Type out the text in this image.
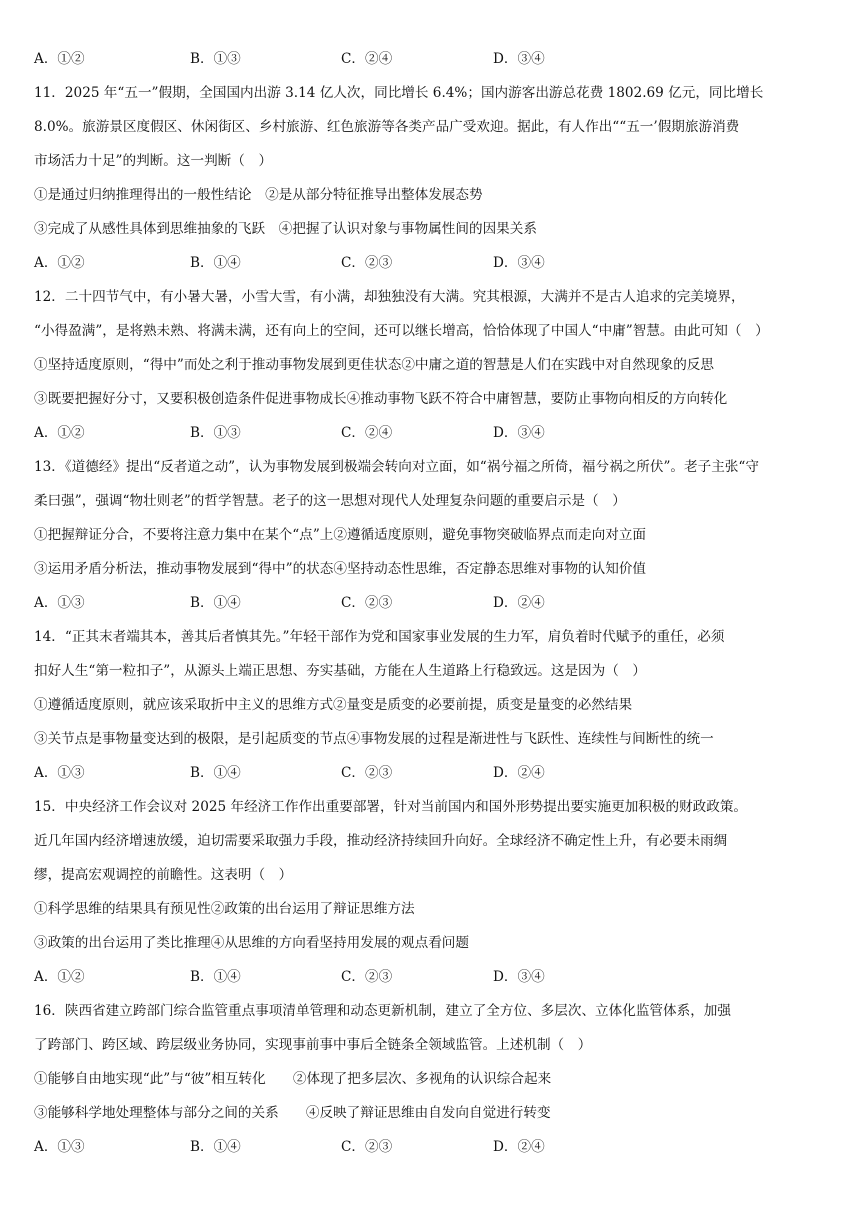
A．①②	B．①③	C．②④	D．③④
11．2025 年“五一”假期，全国国内出游 3.14 亿人次，同比增长 6.4%；国内游客出游总花费 1802.69 亿元，同比增长
8.0%。旅游景区度假区、休闲街区、乡村旅游、红色旅游等各类产品广受欢迎。据此，有人作出““五一’假期旅游消费
市场活力十足”的判断。这一判断（　）
①是通过归纳推理得出的一般性结论　②是从部分特征推导出整体发展态势
③完成了从感性具体到思维抽象的飞跃　④把握了认识对象与事物属性间的因果关系
A．①②	B．①④	C．②③	D．③④
12．二十四节气中，有小暑大暑，小雪大雪，有小满，却独独没有大满。究其根源，大满并不是古人追求的完美境界，
“小得盈满”，是将熟未熟、将满未满，还有向上的空间，还可以继长增高，恰恰体现了中国人“中庸”智慧。由此可知（　）
①坚持适度原则，“得中”而处之利于推动事物发展到更佳状态②中庸之道的智慧是人们在实践中对自然现象的反思
③既要把握好分寸，又要积极创造条件促进事物成长④推动事物飞跃不符合中庸智慧，要防止事物向相反的方向转化
A．①②	B．①③	C．②④	D．③④
13．《道德经》提出“反者道之动”，认为事物发展到极端会转向对立面，如“祸兮福之所倚，福兮祸之所伏”。老子主张“守
柔曰强”，强调“物壮则老”的哲学智慧。老子的这一思想对现代人处理复杂问题的重要启示是（　）
①把握辩证分合，不要将注意力集中在某个“点”上②遵循适度原则，避免事物突破临界点而走向对立面
③运用矛盾分析法，推动事物发展到“得中”的状态④坚持动态性思维，否定静态思维对事物的认知价值
A．①③	B．①④	C．②③	D．②④
14．“正其末者端其本，善其后者慎其先。”年轻干部作为党和国家事业发展的生力军，肩负着时代赋予的重任，必须
扣好人生“第一粒扣子”，从源头上端正思想、夯实基础，方能在人生道路上行稳致远。这是因为（　）
①遵循适度原则，就应该采取折中主义的思维方式②量变是质变的必要前提，质变是量变的必然结果
③关节点是事物量变达到的极限，是引起质变的节点④事物发展的过程是渐进性与飞跃性、连续性与间断性的统一
A．①③	B．①④	C．②③	D．②④
15．中央经济工作会议对 2025 年经济工作作出重要部署，针对当前国内和国外形势提出要实施更加积极的财政政策。
近几年国内经济增速放缓，迫切需要采取强力手段，推动经济持续回升向好。全球经济不确定性上升，有必要未雨绸
缪，提高宏观调控的前瞻性。这表明（　）
①科学思维的结果具有预见性②政策的出台运用了辩证思维方法
③政策的出台运用了类比推理④从思维的方向看坚持用发展的观点看问题
A．①②	B．①④	C．②③	D．③④
16．陕西省建立跨部门综合监管重点事项清单管理和动态更新机制，建立了全方位、多层次、立体化监管体系，加强
了跨部门、跨区域、跨层级业务协同，实现事前事中事后全链条全领域监管。上述机制（　）
①能够自由地实现“此”与“彼”相互转化　　②体现了把多层次、多视角的认识综合起来
③能够科学地处理整体与部分之间的关系　　④反映了辩证思维由自发向自觉进行转变
A．①③	B．①④	C．②③	D．②④
